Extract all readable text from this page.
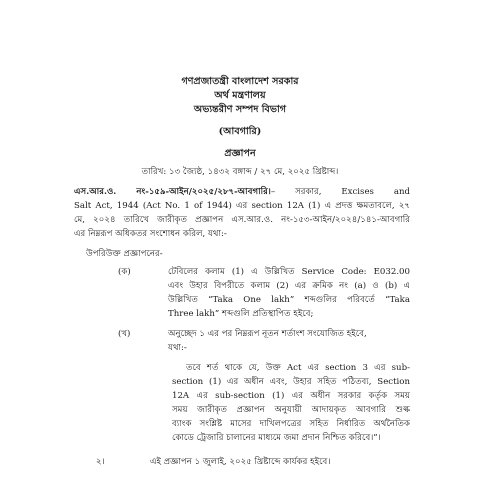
গণপ্রজাতন্ত্রী বাংলাদেশ সরকার
অর্থ মন্ত্রণালয়
অভ্যন্তরীণ সম্পদ বিভাগ
(আবগারি)
প্রজ্ঞাপন
তারিখ: ১৩ জ্যৈষ্ঠ, ১৪৩২ বঙ্গাব্দ / ২৭ মে, ২০২৫ খ্রিষ্টাব্দ।
এস.আর.ও. নং-১৫৯-আইন/২০২৫/২৮৭-আবগারি।– সরকার, Excises and
Salt Act, 1944 (Act No. 1 of 1944) এর section 12A (1) এ প্রদত্ত ক্ষমতাবলে, ২৭
মে, ২০২৪ তারিখে জারীকৃত প্রজ্ঞাপন এস.আর.ও. নং-১৫৩-আইন/২০২৪/১৪১-আবগারি
এর নিম্নরূপ অধিকতর সংশোধন করিল, যথা:-
উপরিউক্ত প্রজ্ঞাপনের-
(ক)	টেবিলের কলাম (1) এ উল্লিখিত Service Code: E032.00
এবং উহার বিপরীতে কলাম (2) এর ক্রমিক নং (a) ও (b) এ
উল্লিখিত “Taka One lakh” শব্দগুলির পরিবর্তে “Taka
Three lakh” শব্দগুলি প্রতিস্থাপিত হইবে;
(খ)	অনুচ্ছেদ ১ এর পর নিম্নরূপ নূতন শর্তাংশ সংযোজিত হইবে,
যথা:-
তবে শর্ত থাকে যে, উক্ত Act এর section 3 এর sub-
section (1) এর অধীন এবং, উহার সহিত পঠিতব্য, Section
12A এর sub-section (1) এর অধীন সরকার কর্তৃক সময়
সময় জারীকৃত প্রজ্ঞাপন অনুযায়ী আদায়কৃত আবগারি শুল্ক
ব্যাংক সংশ্লিষ্ট মাসের দাখিলপত্রের সহিত নির্ধারিত অর্থনৈতিক
কোডে ট্রেজারি চালানের মাধ্যমে জমা প্রদান নিশ্চিত করিবে।”।
২।	এই প্রজ্ঞাপন ১ জুলাই, ২০২৫ খ্রিষ্টাব্দে কার্যকর হইবে।
